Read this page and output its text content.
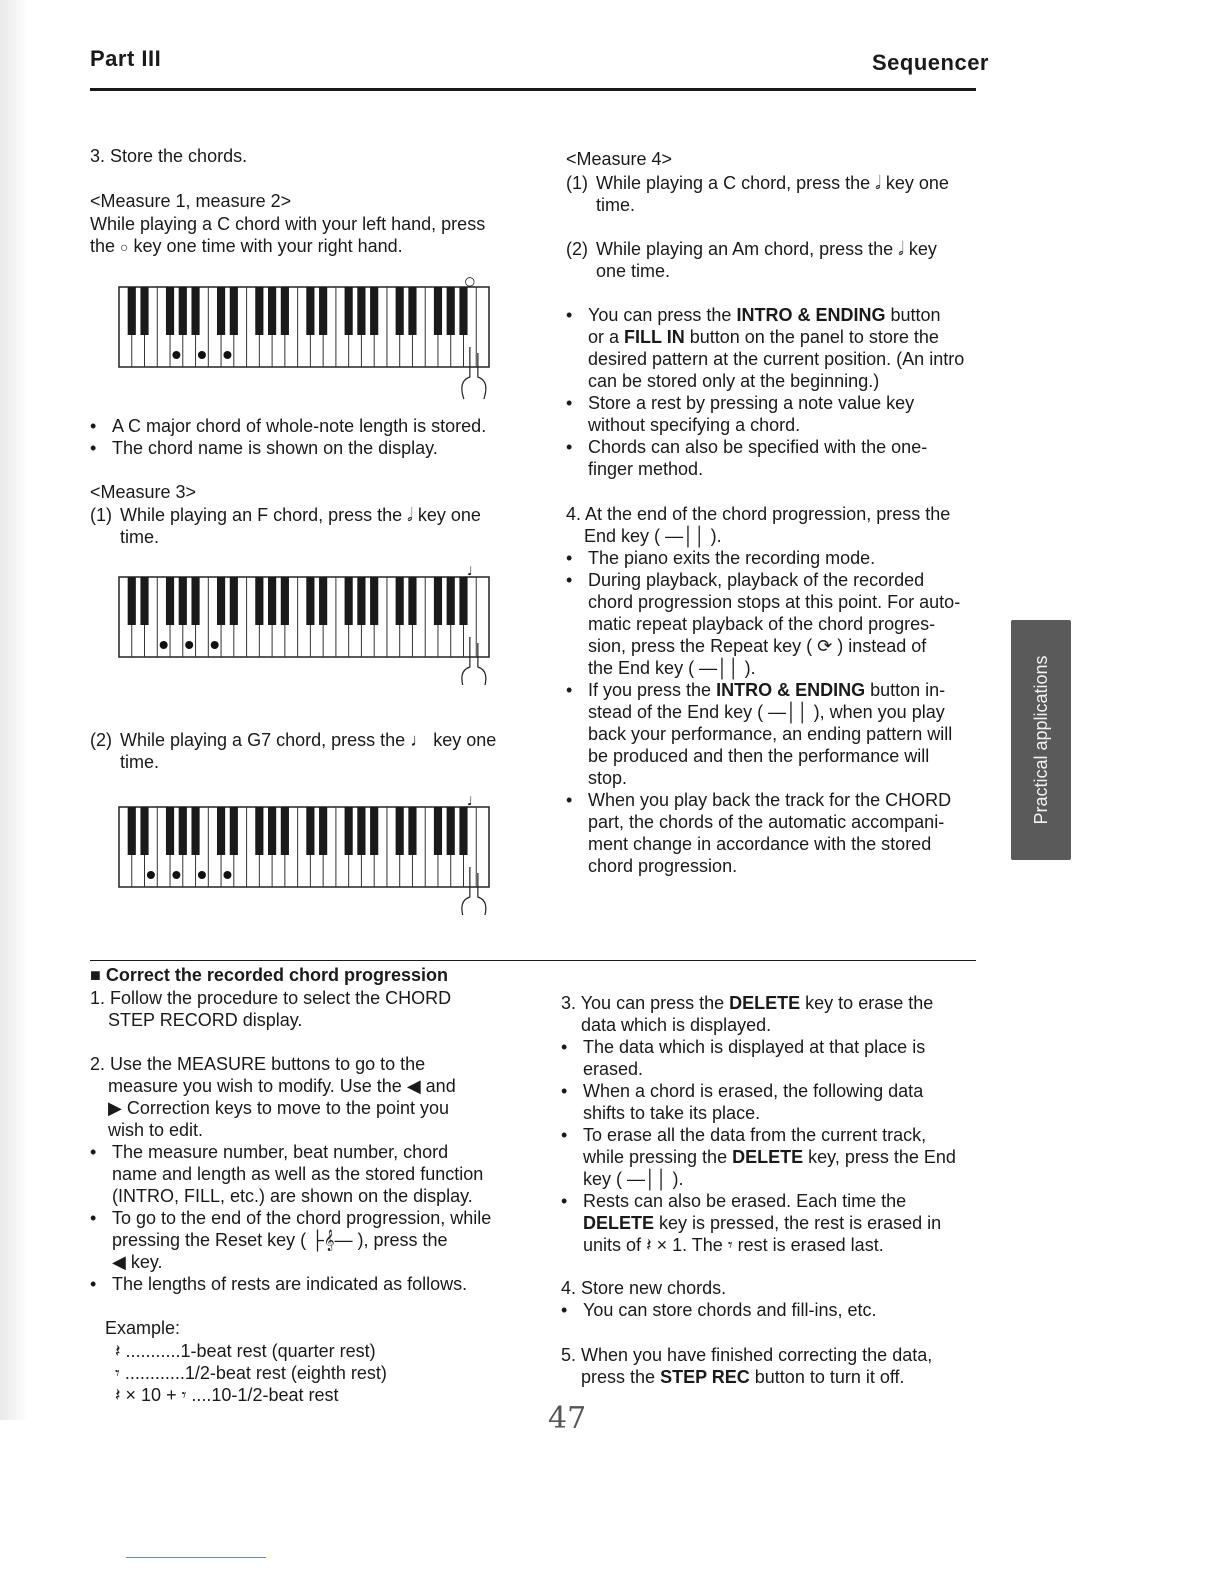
Part III	Sequencer
3. Store the chords.
<Measure 1, measure 2>
While playing a C chord with your left hand, press
the ○ key one time with your right hand.
○
• A C major chord of whole-note length is stored.
• The chord name is shown on the display.
<Measure 3>
(1) While playing an F chord, press the 𝅗𝅥 key one
time.
♩
(2) While playing a G7 chord, press the ♩ key one
time.
♩
<Measure 4>
(1) While playing a C chord, press the 𝅗𝅥 key one
time.
(2) While playing an Am chord, press the 𝅗𝅥 key
one time.
• You can press the INTRO & ENDING button
or a FILL IN button on the panel to store the
desired pattern at the current position. (An intro
can be stored only at the beginning.)
• Store a rest by pressing a note value key
without specifying a chord.
• Chords can also be specified with the one-
finger method.
4. At the end of the chord progression, press the
End key ( —││ ).
• The piano exits the recording mode.
• During playback, playback of the recorded
chord progression stops at this point. For auto-
matic repeat playback of the chord progres-
sion, press the Repeat key ( ⟳ ) instead of
the End key ( —││ ).
• If you press the INTRO & ENDING button in-
stead of the End key ( —││ ), when you play
back your performance, an ending pattern will
be produced and then the performance will
stop.
• When you play back the track for the CHORD
part, the chords of the automatic accompani-
ment change in accordance with the stored
chord progression.
Practical applications
■ Correct the recorded chord progression
1. Follow the procedure to select the CHORD
STEP RECORD display.
2. Use the MEASURE buttons to go to the
measure you wish to modify. Use the ◀ and
▶ Correction keys to move to the point you
wish to edit.
• The measure number, beat number, chord
name and length as well as the stored function
(INTRO, FILL, etc.) are shown on the display.
• To go to the end of the chord progression, while
pressing the Reset key ( ├𝄞— ), press the
◀ key.
• The lengths of rests are indicated as follows.
Example:
𝄽 ...........1-beat rest (quarter rest)
𝄾 ............1/2-beat rest (eighth rest)
𝄽 × 10 + 𝄾 ....10-1/2-beat rest
3. You can press the DELETE key to erase the
data which is displayed.
• The data which is displayed at that place is
erased.
• When a chord is erased, the following data
shifts to take its place.
• To erase all the data from the current track,
while pressing the DELETE key, press the End
key ( —││ ).
• Rests can also be erased. Each time the
DELETE key is pressed, the rest is erased in
units of 𝄽 × 1. The 𝄾 rest is erased last.
4. Store new chords.
• You can store chords and fill-ins, etc.
5. When you have finished correcting the data,
press the STEP REC button to turn it off.
47
